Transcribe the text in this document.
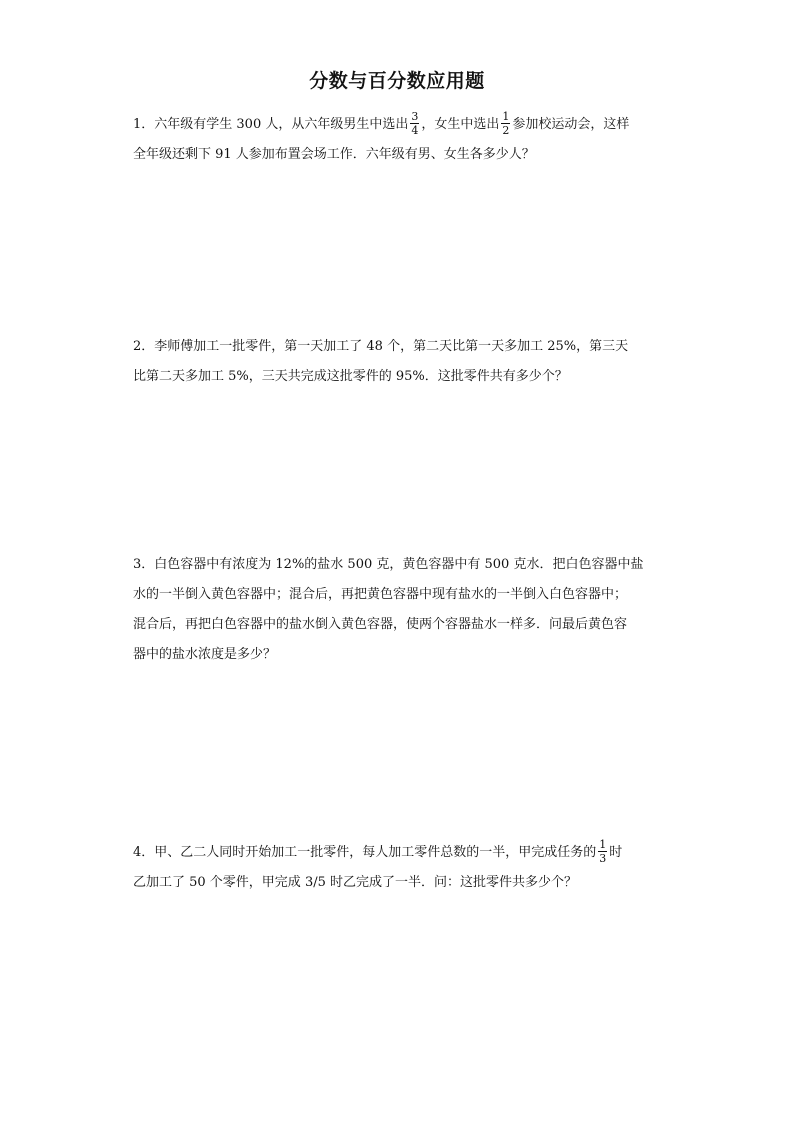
分数与百分数应用题
1．六年级有学生 300 人，从六年级男生中选出 $\frac{3}{4}$ ，女生中选出 $\frac{1}{2}$ 参加校运动会，这样
全年级还剩下 91 人参加布置会场工作．六年级有男、女生各多少人？
2．李师傅加工一批零件，第一天加工了 48 个，第二天比第一天多加工 25%，第三天
比第二天多加工 5%，三天共完成这批零件的 95%．这批零件共有多少个？
3．白色容器中有浓度为 12%的盐水 500 克，黄色容器中有 500 克水．把白色容器中盐
水的一半倒入黄色容器中；混合后，再把黄色容器中现有盐水的一半倒入白色容器中；
混合后，再把白色容器中的盐水倒入黄色容器，使两个容器盐水一样多．问最后黄色容
器中的盐水浓度是多少？
4．甲、乙二人同时开始加工一批零件，每人加工零件总数的一半，甲完成任务的 $\frac{1}{3}$ 时
乙加工了 50 个零件，甲完成 3/5 时乙完成了一半．问：这批零件共多少个？
